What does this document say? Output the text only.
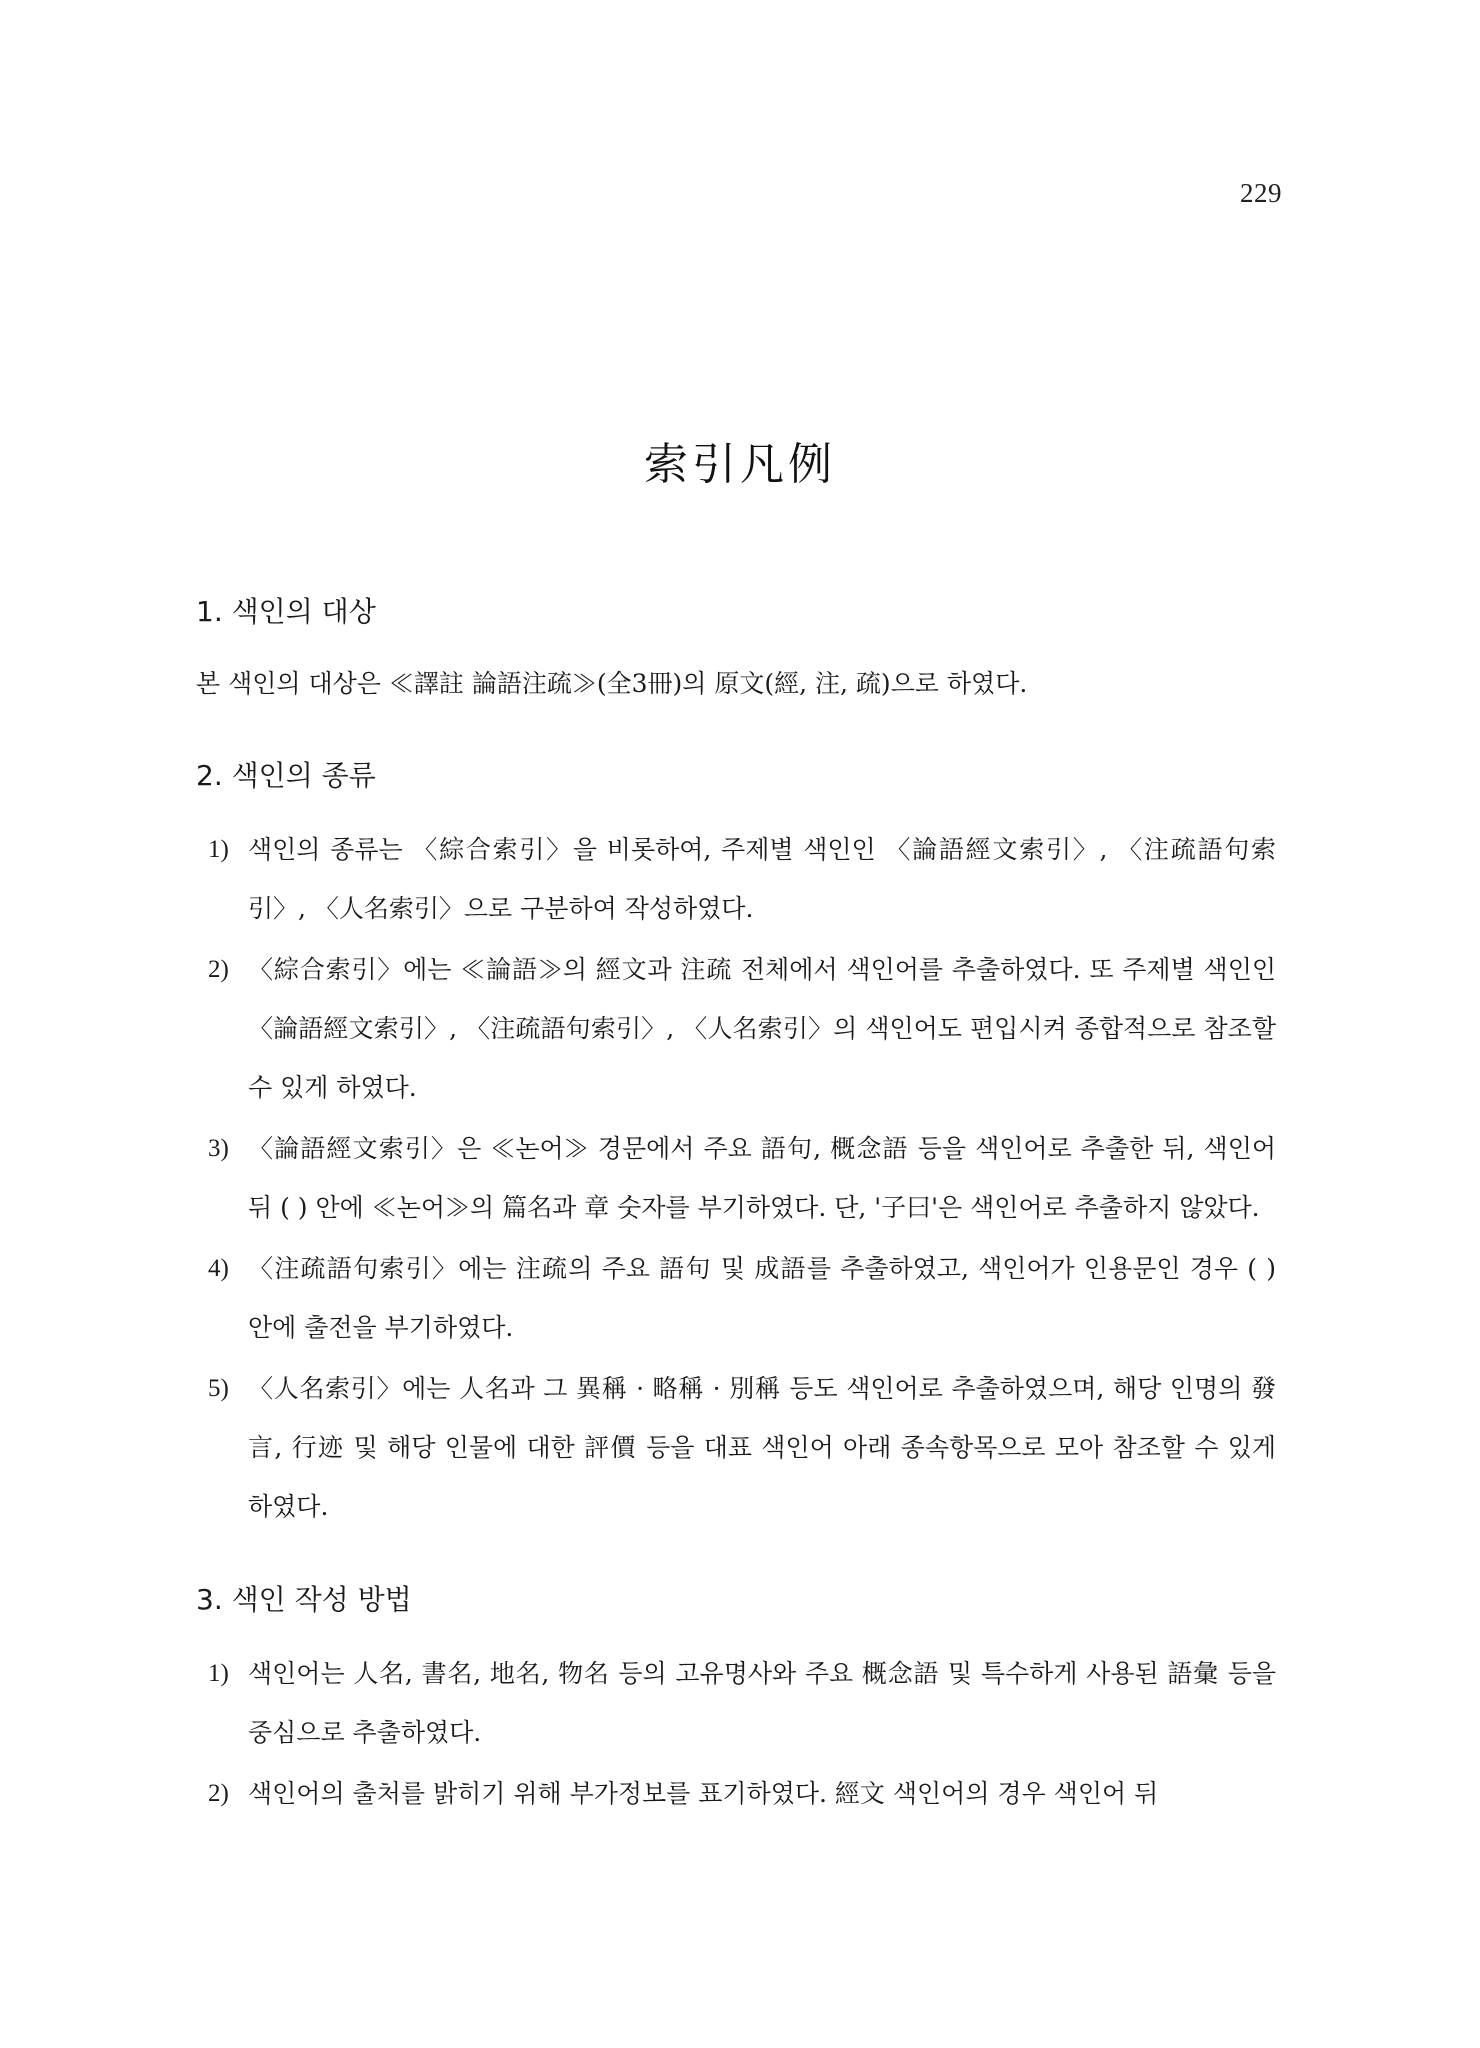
229
索引凡例
1. 색인의 대상

본 색인의 대상은 ≪譯註 論語注疏≫(全3冊)의 原文(經, 注, 疏)으로 하였다.

2. 색인의 종류
1) 색인의 종류는 〈綜合索引〉을 비롯하여, 주제별 색인인 〈論語經文索引〉, 〈注疏語句索引〉, 〈人名索引〉으로 구분하여 작성하였다.
2) 〈綜合索引〉에는 ≪論語≫의 經文과 注疏 전체에서 색인어를 추출하였다. 또 주제별 색인인 〈論語經文索引〉, 〈注疏語句索引〉, 〈人名索引〉의 색인어도 편입시켜 종합적으로 참조할 수 있게 하였다.
3) 〈論語經文索引〉은 ≪논어≫ 경문에서 주요 語句, 概念語 등을 색인어로 추출한 뒤, 색인어 뒤 ( ) 안에 ≪논어≫의 篇名과 章 숫자를 부기하였다. 단, '子曰'은 색인어로 추출하지 않았다.
4) 〈注疏語句索引〉에는 注疏의 주요 語句 및 成語를 추출하였고, 색인어가 인용문인 경우 ( ) 안에 출전을 부기하였다.
5) 〈人名索引〉에는 人名과 그 異稱 · 略稱 · 別稱 등도 색인어로 추출하였으며, 해당 인명의 發言, 行迹 및 해당 인물에 대한 評價 등을 대표 색인어 아래 종속항목으로 모아 참조할 수 있게 하였다.
3. 색인 작성 방법
1) 색인어는 人名, 書名, 地名, 物名 등의 고유명사와 주요 概念語 및 특수하게 사용된 語彙 등을 중심으로 추출하였다.
2) 색인어의 출처를 밝히기 위해 부가정보를 표기하였다. 經文 색인어의 경우 색인어 뒤
